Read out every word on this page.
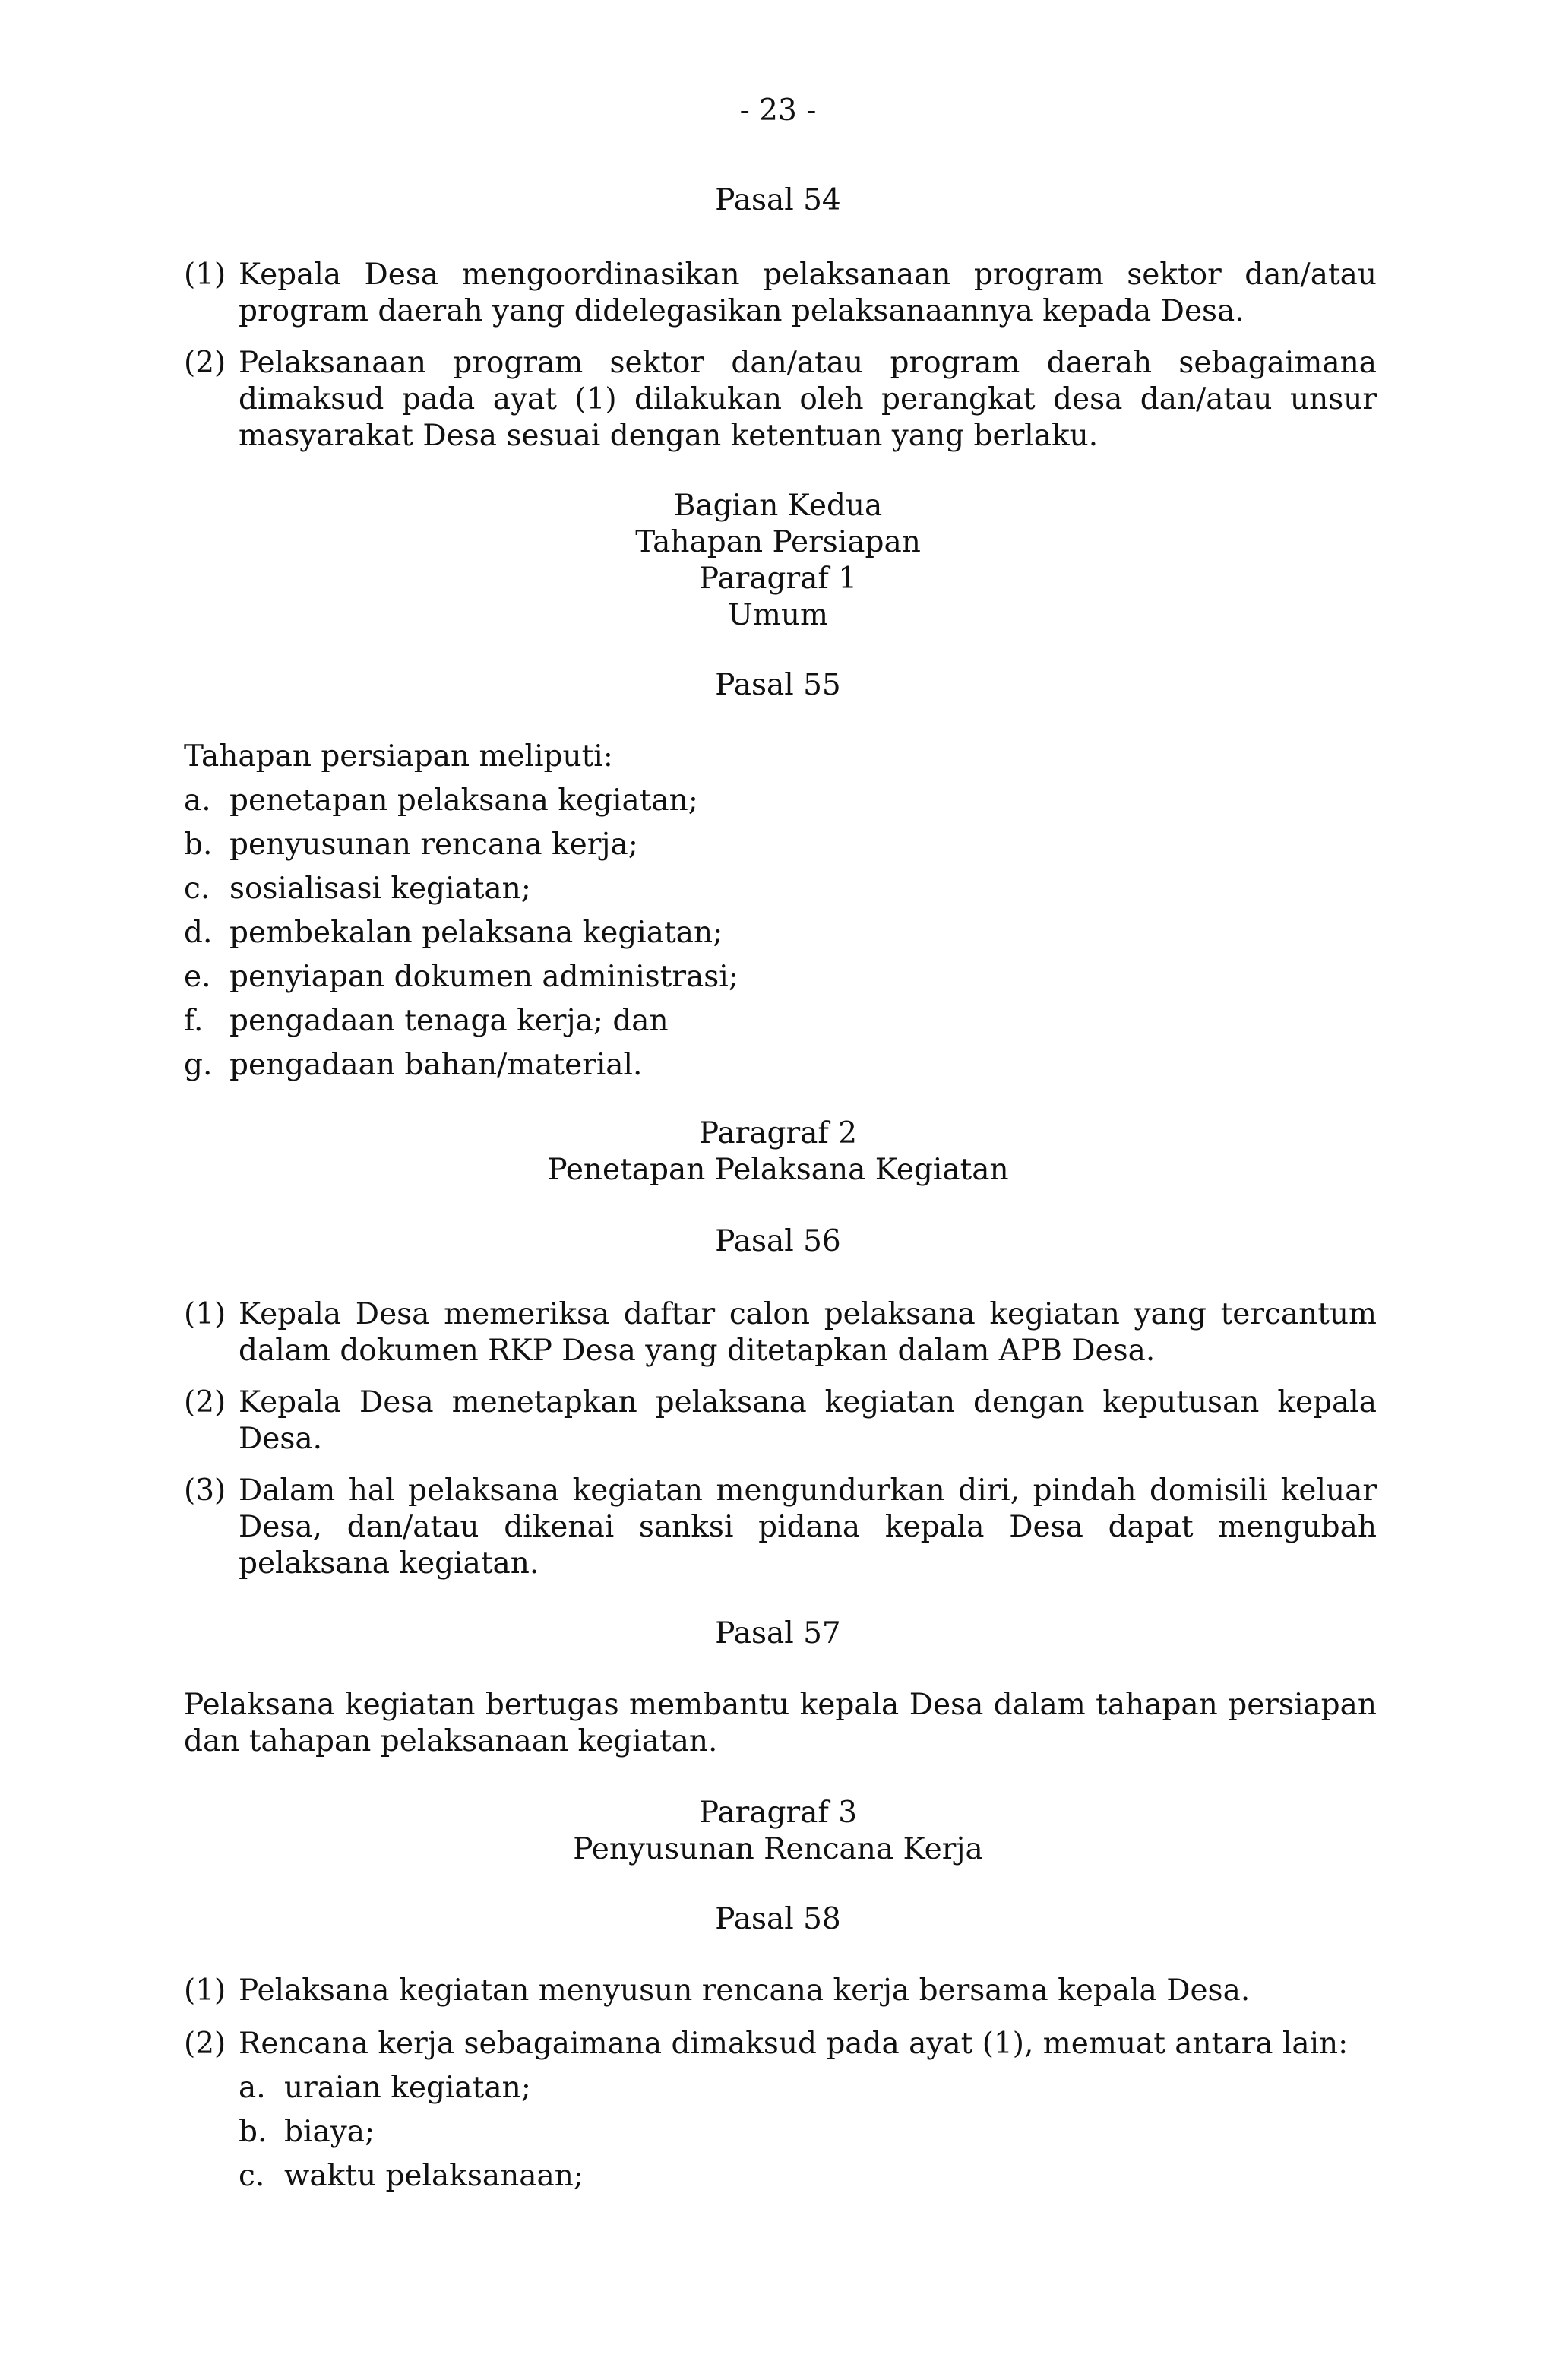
- 23 -

Pasal 54

(1) Kepala Desa mengoordinasikan pelaksanaan program sektor dan/atau program daerah yang didelegasikan pelaksanaannya kepada Desa.
(2) Pelaksanaan program sektor dan/atau program daerah sebagaimana dimaksud pada ayat (1) dilakukan oleh perangkat desa dan/atau unsur masyarakat Desa sesuai dengan ketentuan yang berlaku.

Bagian Kedua

Tahapan Persiapan

Paragraf 1

Umum

Pasal 55

Tahapan persiapan meliputi:

a. penetapan pelaksana kegiatan;
b. penyusunan rencana kerja;
c. sosialisasi kegiatan;
d. pembekalan pelaksana kegiatan;
e. penyiapan dokumen administrasi;
f. pengadaan tenaga kerja; dan
g. pengadaan bahan/material.

Paragraf 2

Penetapan Pelaksana Kegiatan

Pasal 56

(1) Kepala Desa memeriksa daftar calon pelaksana kegiatan yang tercantum dalam dokumen RKP Desa yang ditetapkan dalam APB Desa.
(2) Kepala Desa menetapkan pelaksana kegiatan dengan keputusan kepala Desa.
(3) Dalam hal pelaksana kegiatan mengundurkan diri, pindah domisili keluar Desa, dan/atau dikenai sanksi pidana kepala Desa dapat mengubah pelaksana kegiatan.

Pasal 57

Pelaksana kegiatan bertugas membantu kepala Desa dalam tahapan persiapan dan tahapan pelaksanaan kegiatan.

Paragraf 3

Penyusunan Rencana Kerja

Pasal 58

(1) Pelaksana kegiatan menyusun rencana kerja bersama kepala Desa.
(2) Rencana kerja sebagaimana dimaksud pada ayat (1), memuat antara lain:
a. uraian kegiatan;
b. biaya;
c. waktu pelaksanaan;
